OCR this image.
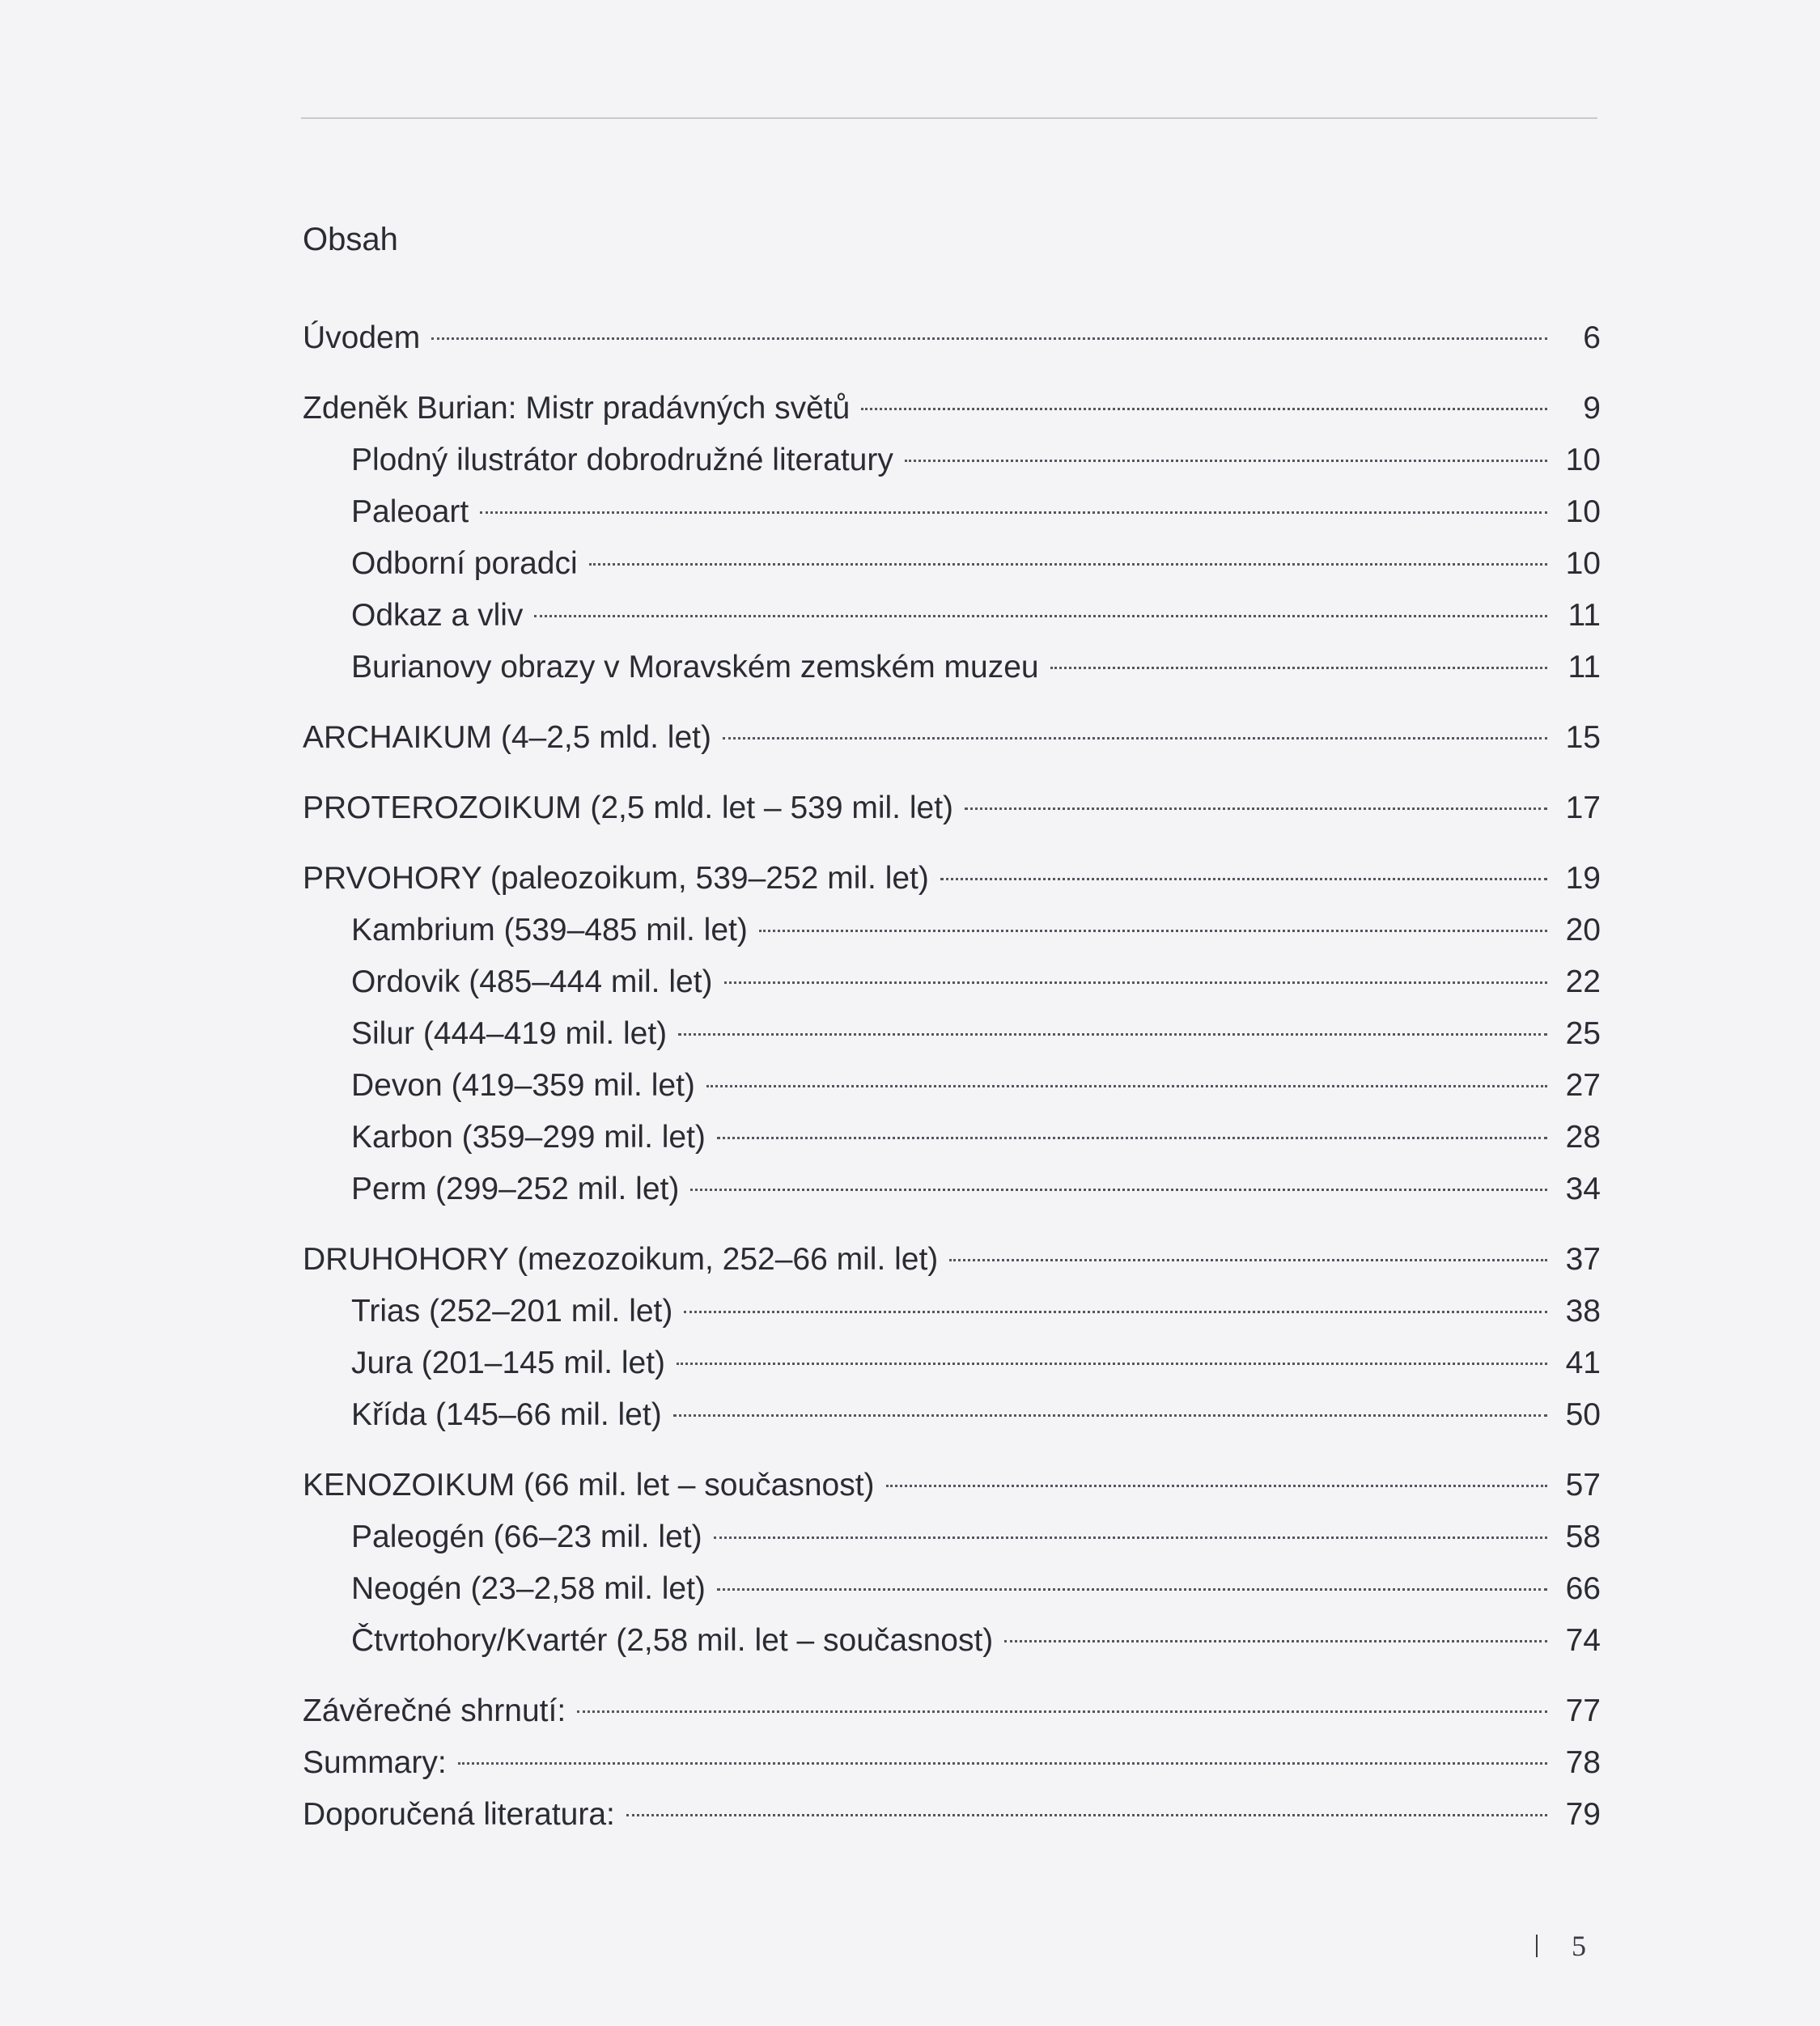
Obsah
Úvodem	6
Zdeněk Burian: Mistr pradávných světů	9
Plodný ilustrátor dobrodružné literatury	10
Paleoart	10
Odborní poradci	10
Odkaz a vliv	11
Burianovy obrazy v Moravském zemském muzeu	11
ARCHAIKUM (4–2,5 mld. let)	15
PROTEROZOIKUM (2,5 mld. let – 539 mil. let)	17
PRVOHORY (paleozoikum, 539–252 mil. let)	19
Kambrium (539–485 mil. let)	20
Ordovik (485–444 mil. let)	22
Silur (444–419 mil. let)	25
Devon (419–359 mil. let)	27
Karbon (359–299 mil. let)	28
Perm (299–252 mil. let)	34
DRUHOHORY (mezozoikum, 252–66 mil. let)	37
Trias (252–201 mil. let)	38
Jura (201–145 mil. let)	41
Křída (145–66 mil. let)	50
KENOZOIKUM (66 mil. let – současnost)	57
Paleogén (66–23 mil. let)	58
Neogén (23–2,58 mil. let)	66
Čtvrtohory/Kvartér (2,58 mil. let – současnost)	74
Závěrečné shrnutí:	77
Summary:	78
Doporučená literatura:	79
5
